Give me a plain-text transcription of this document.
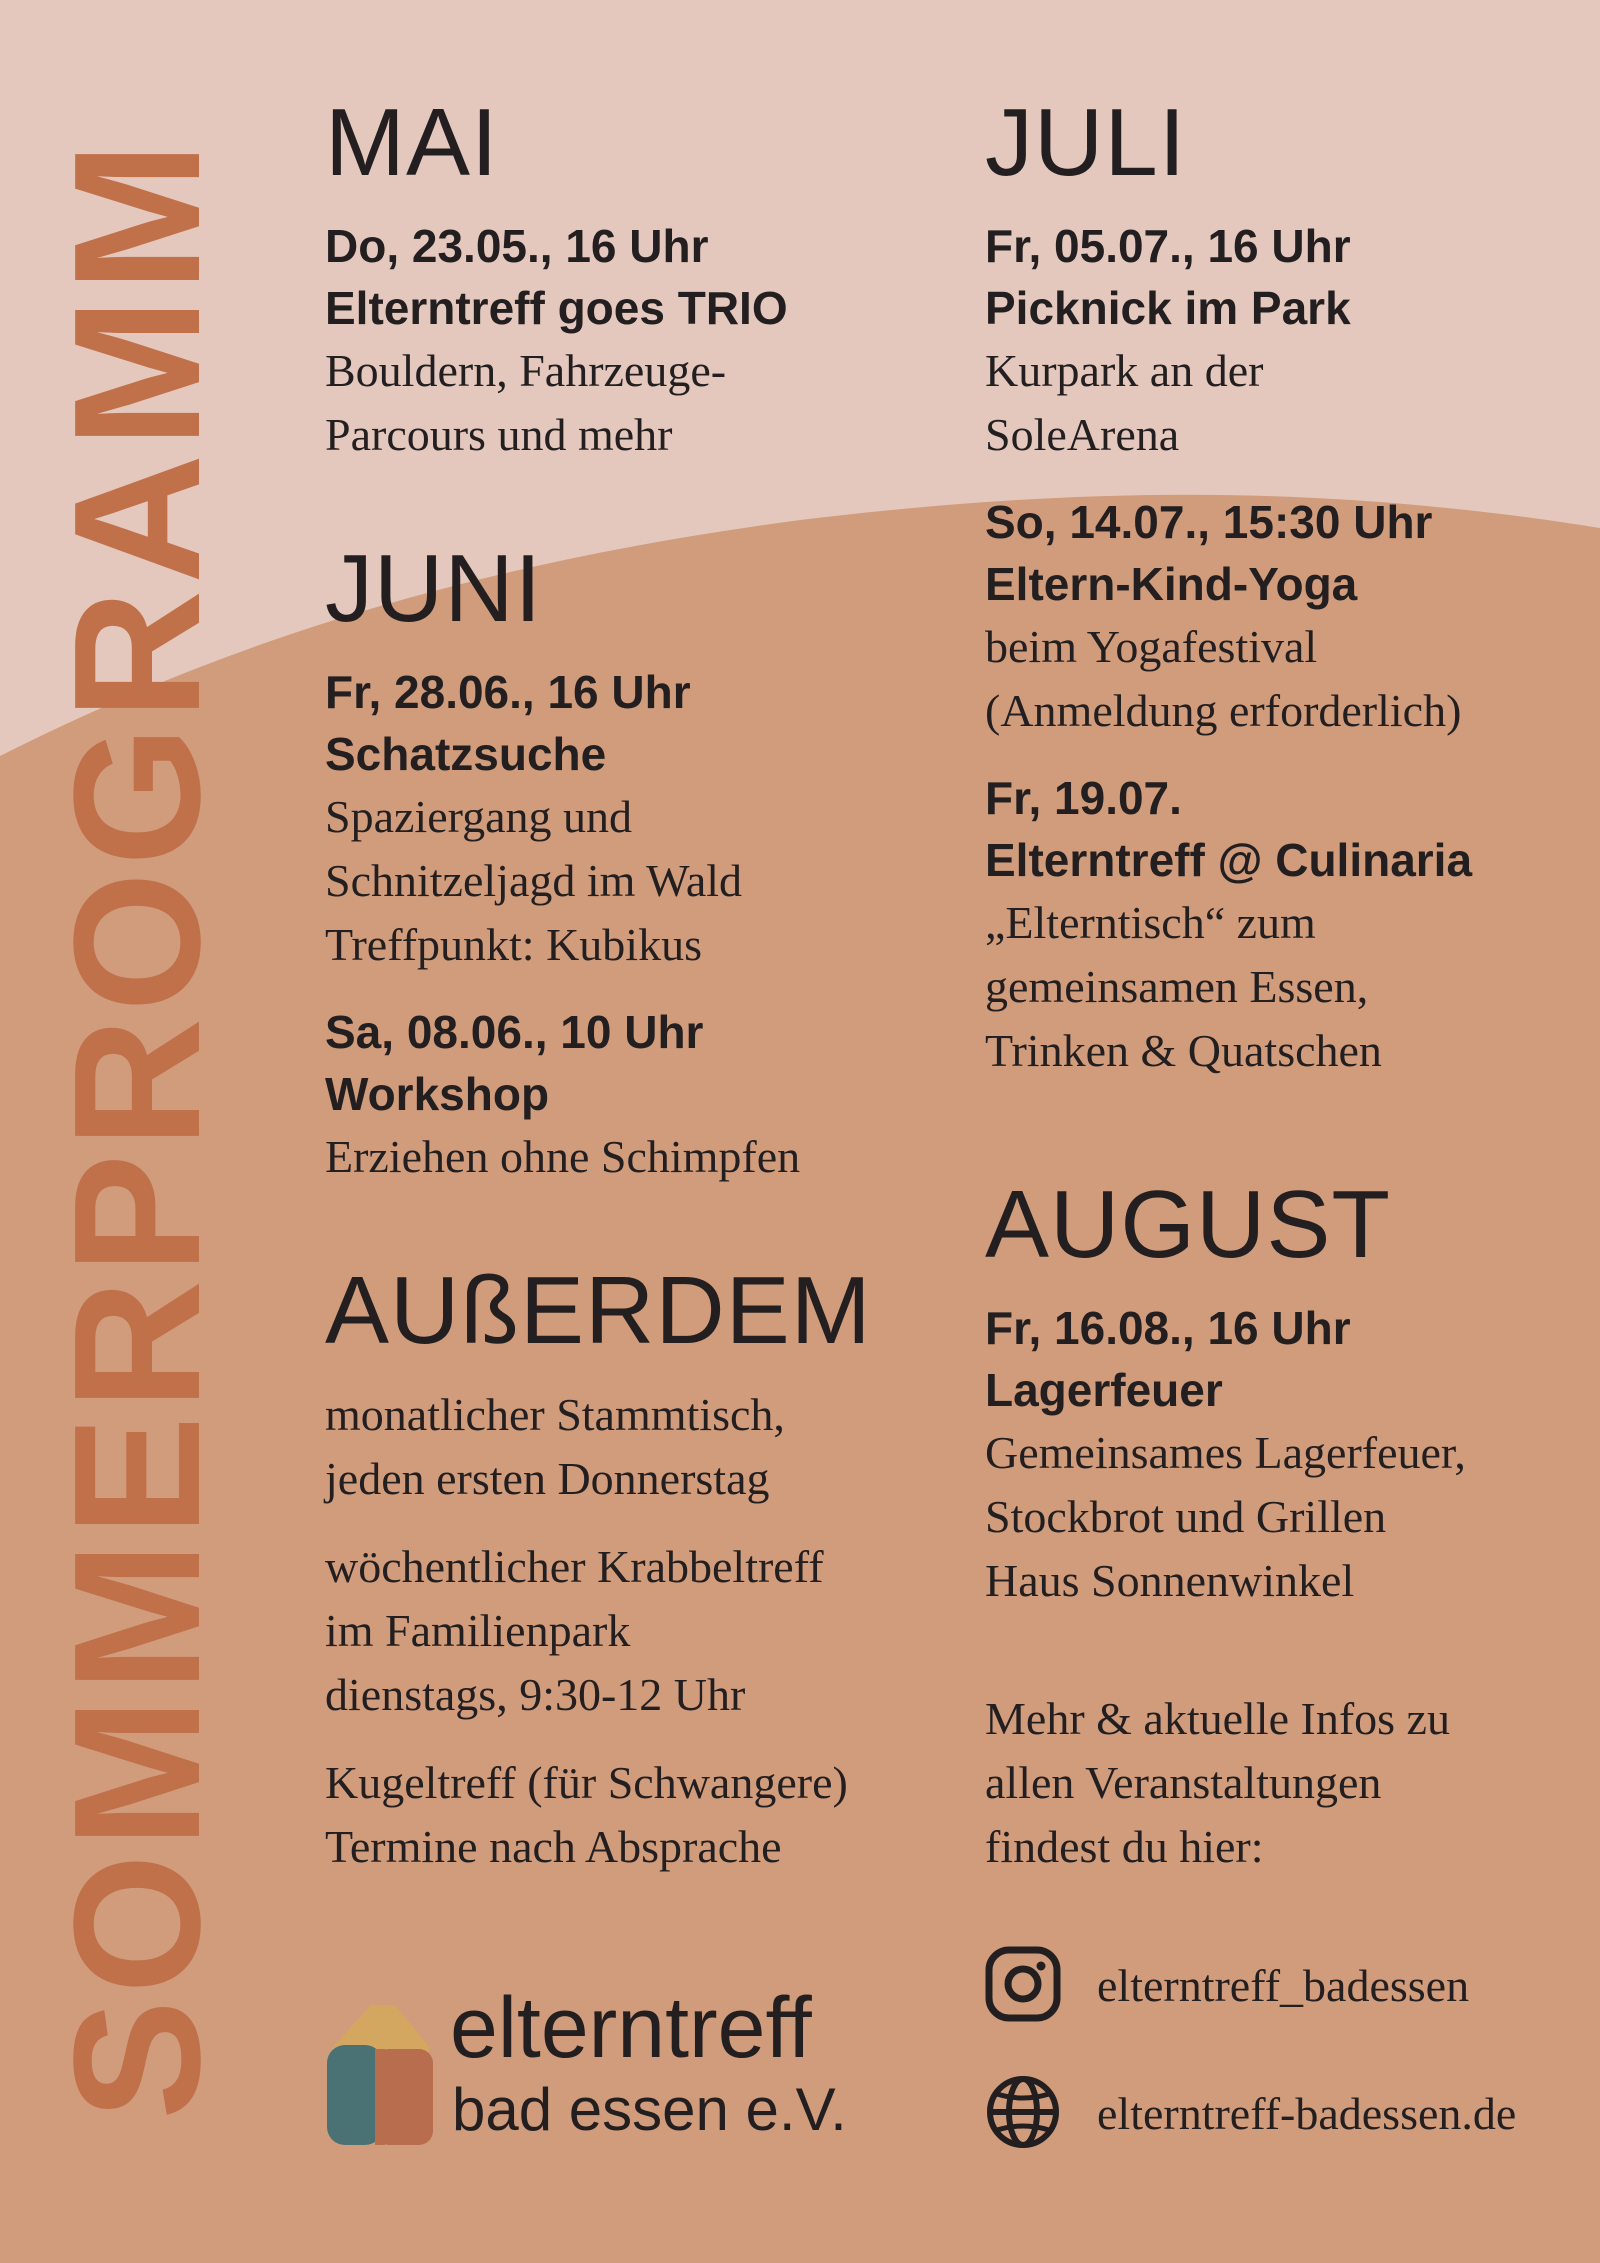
SOMMERPROGRAMM MAI
Do, 23.05., 16 Uhr
Elterntreff goes TRIO
Bouldern, Fahrzeuge-
Parcours und mehr
JUNI
Fr, 28.06., 16 Uhr
Schatzsuche
Spaziergang und
Schnitzeljagd im Wald
Treffpunkt: Kubikus
Sa, 08.06., 10 Uhr
Workshop
Erziehen ohne Schimpfen
AUßERDEM
monatlicher Stammtisch,
jeden ersten Donnerstag
wöchentlicher Krabbeltreff
im Familienpark
dienstags, 9:30-12 Uhr
Kugeltreff (für Schwangere)
Termine nach Absprache
elterntreff
bad essen e.V.
JULI
Fr, 05.07., 16 Uhr
Picknick im Park
Kurpark an der
SoleArena
So, 14.07., 15:30 Uhr
Eltern-Kind-Yoga
beim Yogafestival
(Anmeldung erforderlich)
Fr, 19.07.
Elterntreff @ Culinaria
„Elterntisch“ zum
gemeinsamen Essen,
Trinken & Quatschen
AUGUST
Fr, 16.08., 16 Uhr
Lagerfeuer
Gemeinsames Lagerfeuer,
Stockbrot und Grillen
Haus Sonnenwinkel
Mehr & aktuelle Infos zu
allen Veranstaltungen
findest du hier:
elterntreff_badessen
elterntreff-badessen.de
